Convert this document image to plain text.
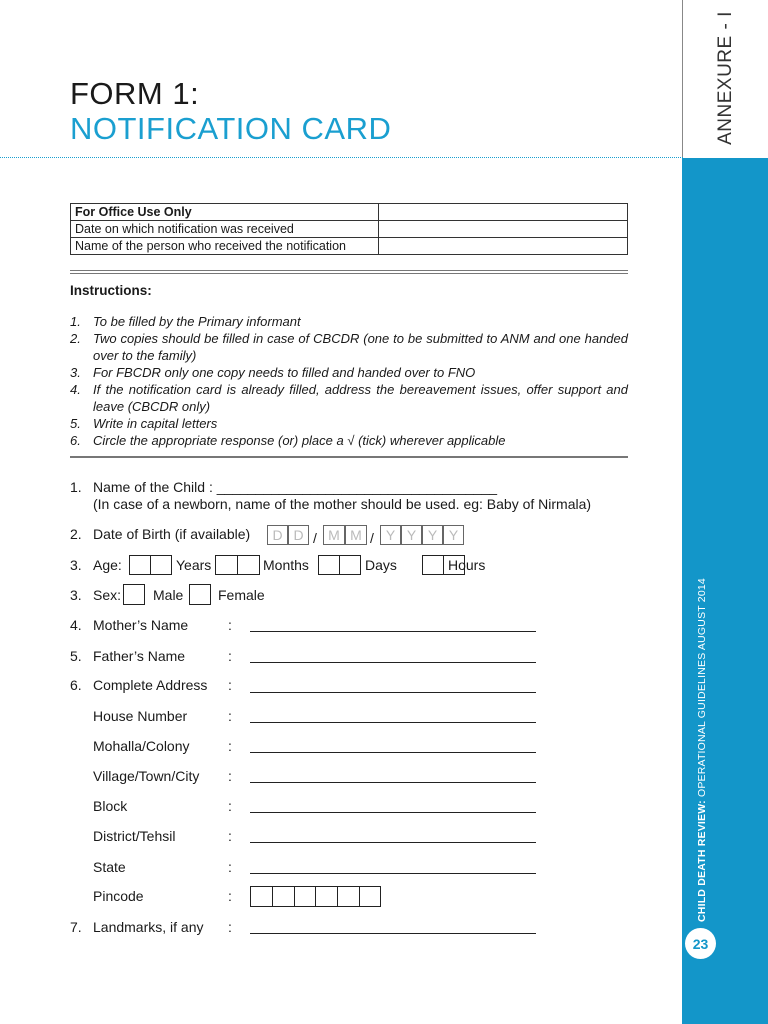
FORM 1:
NOTIFICATION CARD	ANNEXURE - I
CHILD DEATH REVIEW: OPERATIONAL GUIDELINES AUGUST 2014
23
For Office Use Only	
Date on which notification was received	
Name of the person who received the notification	
Instructions:
1. To be filled by the Primary informant
2. Two copies should be filled in case of CBCDR (one to be submitted to ANM and one handed over to the family)
3. For FBCDR only one copy needs to filled and handed over to FNO
4. If the notification card is already filled, address the bereavement issues, offer support and leave (CBCDR only)
5. Write in capital letters
6. Circle the appropriate response (or) place a √ (tick) wherever applicable
1. Name of the Child : ____________________________________
(In case of a newborn, name of the mother should be used. eg: Baby of Nirmala)
2. Date of Birth (if available)	D D / M M / Y Y Y Y
3. Age:	Years	Months	Days	Hours
3. Sex: Male Female
4. Mother’s Name	:
5. Father’s Name	:
6. Complete Address :
House Number	:
Mohalla/Colony	:
Village/Town/City :
Block	:
District/Tehsil	:
State	:
Pincode	:
7. Landmarks, if any :
